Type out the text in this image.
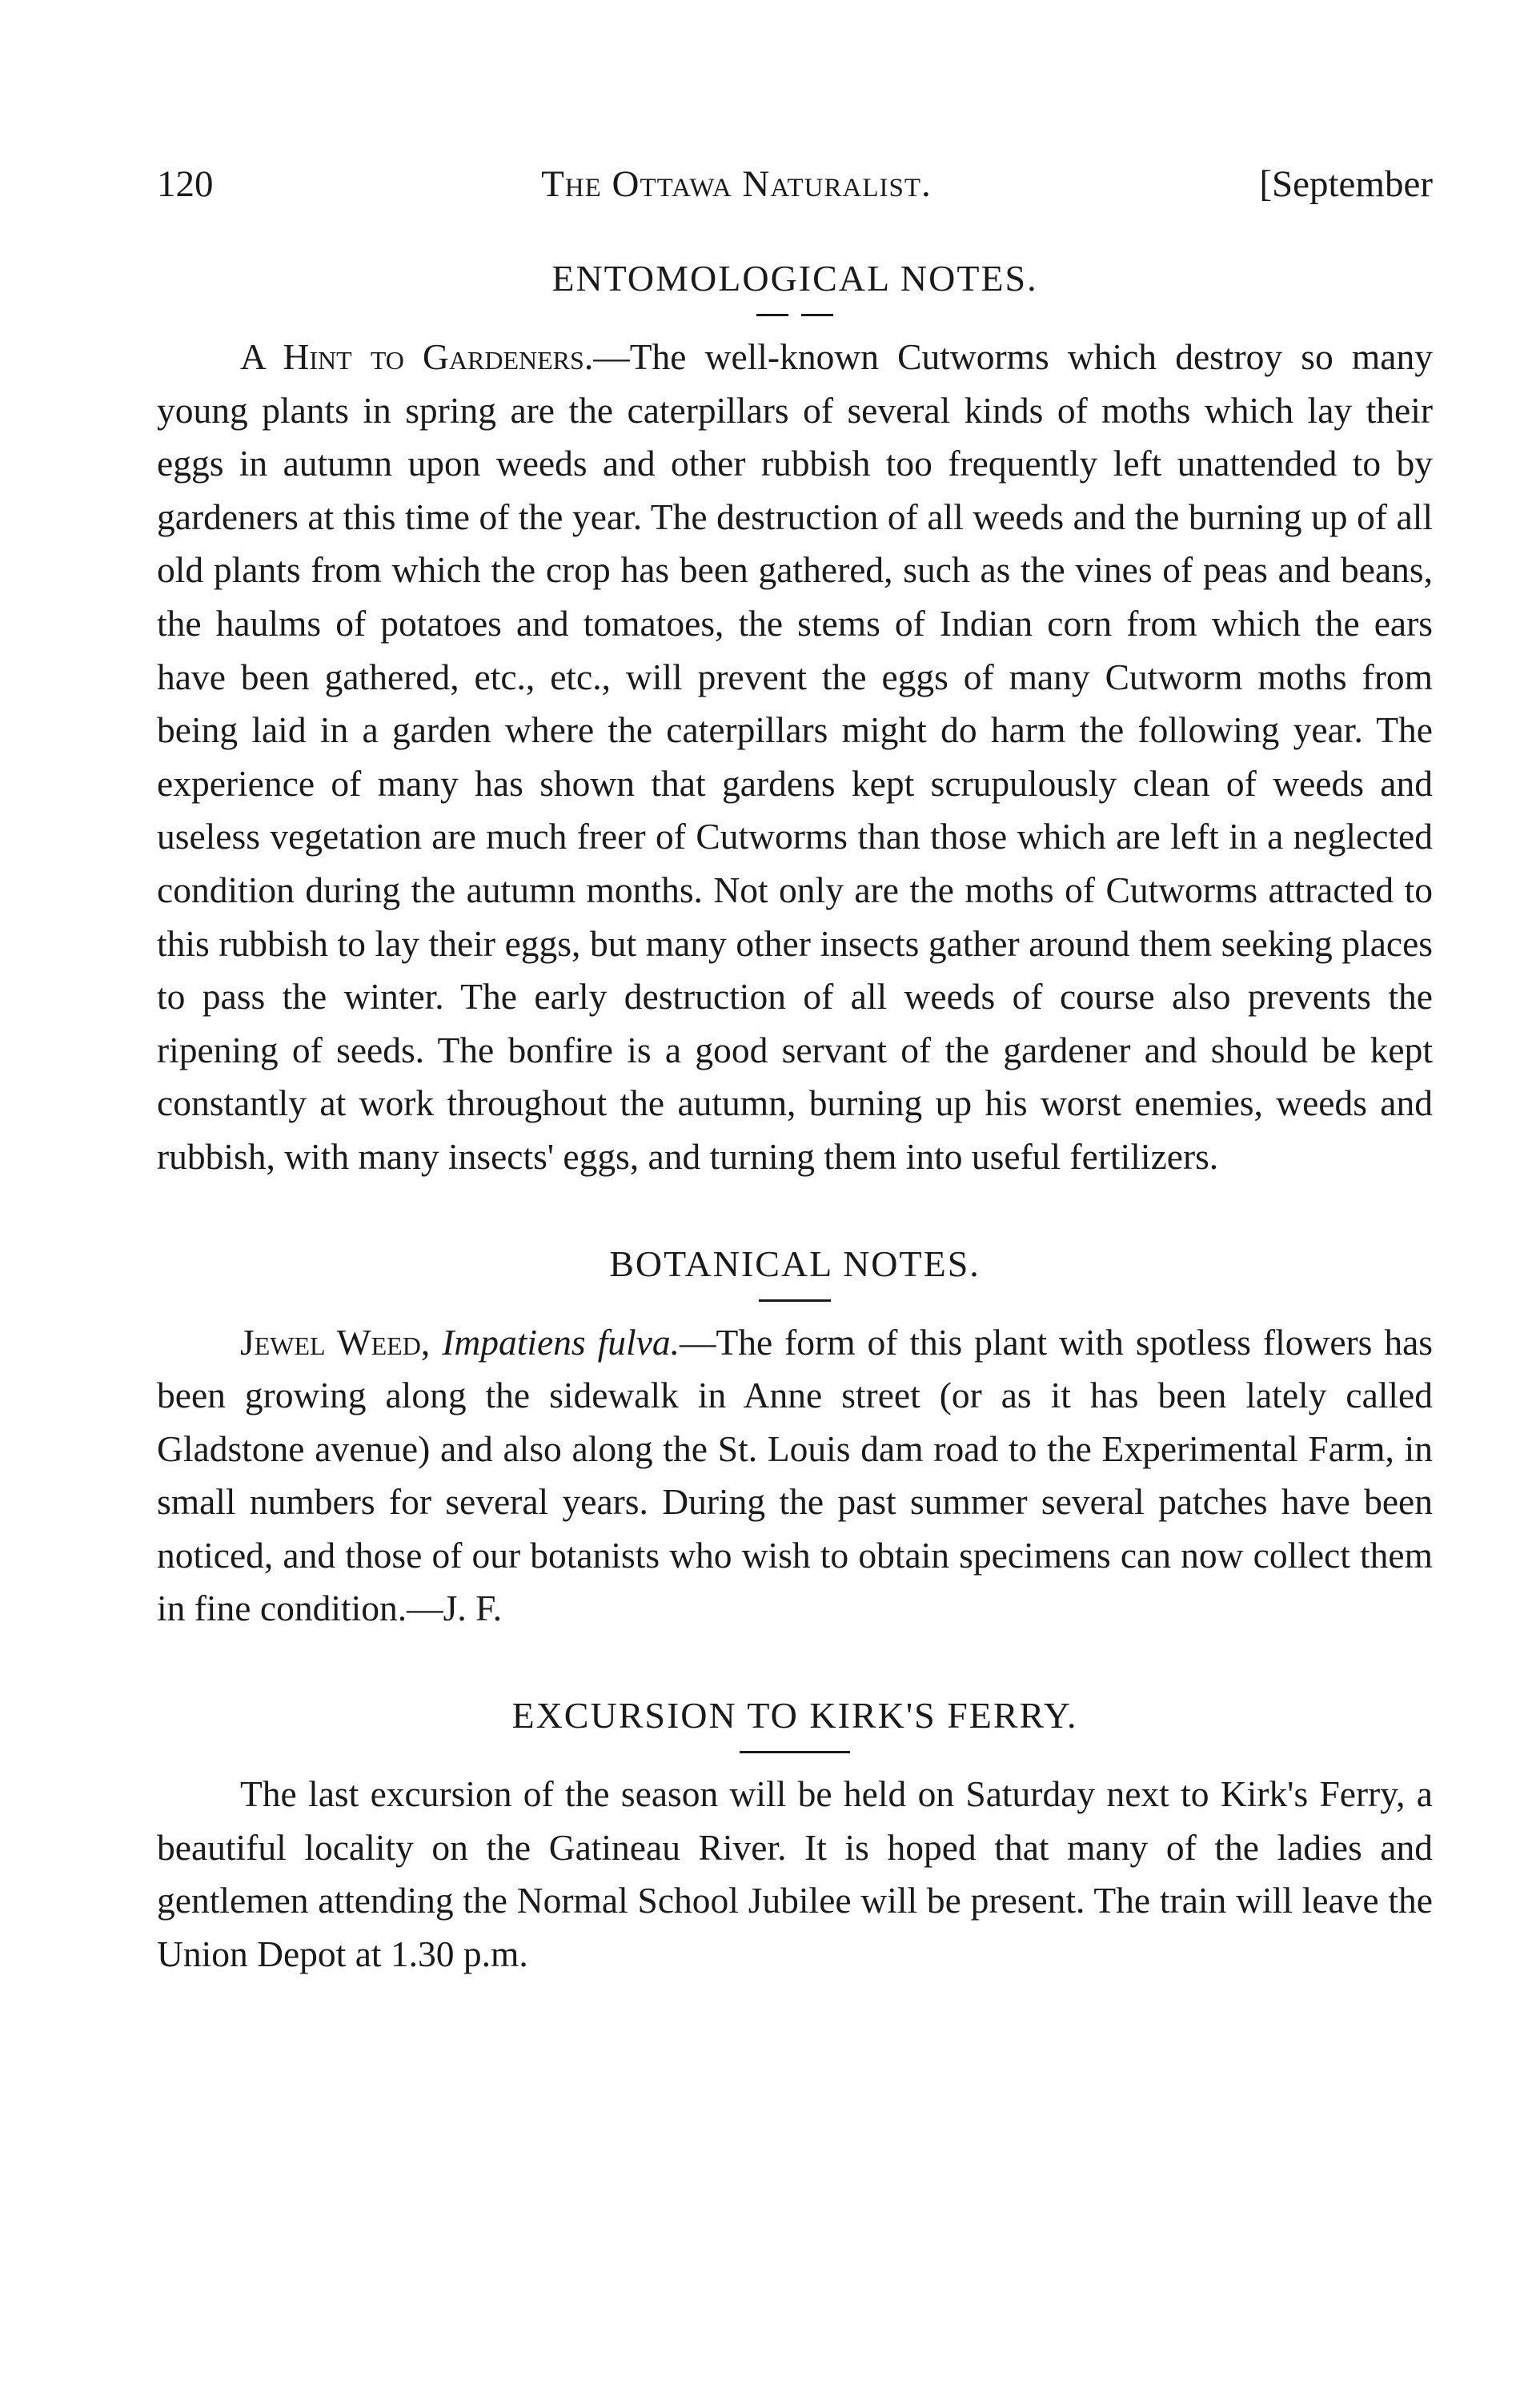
120	The Ottawa Naturalist.	[September
ENTOMOLOGICAL NOTES.

A Hint to Gardeners.—The well-known Cutworms which destroy so many young plants in spring are the caterpillars of several kinds of moths which lay their eggs in autumn upon weeds and other rubbish too frequently left unattended to by gardeners at this time of the year. The destruction of all weeds and the burning up of all old plants from which the crop has been gathered, such as the vines of peas and beans, the haulms of potatoes and tomatoes, the stems of Indian corn from which the ears have been gathered, etc., etc., will prevent the eggs of many Cutworm moths from being laid in a garden where the caterpillars might do harm the following year. The experience of many has shown that gardens kept scrupulously clean of weeds and useless vegetation are much freer of Cutworms than those which are left in a neglected condition during the autumn months. Not only are the moths of Cutworms attracted to this rubbish to lay their eggs, but many other insects gather around them seeking places to pass the winter. The early destruction of all weeds of course also prevents the ripening of seeds. The bonfire is a good servant of the gardener and should be kept constantly at work throughout the autumn, burning up his worst enemies, weeds and rubbish, with many insects' eggs, and turning them into useful fertilizers.

BOTANICAL NOTES.

Jewel Weed, Impatiens fulva.—The form of this plant with spotless flowers has been growing along the sidewalk in Anne street (or as it has been lately called Gladstone avenue) and also along the St. Louis dam road to the Experimental Farm, in small numbers for several years. During the past summer several patches have been noticed, and those of our botanists who wish to obtain specimens can now collect them in fine condition.—J. F.

EXCURSION TO KIRK'S FERRY.

The last excursion of the season will be held on Saturday next to Kirk's Ferry, a beautiful locality on the Gatineau River. It is hoped that many of the ladies and gentlemen attending the Normal School Jubilee will be present. The train will leave the Union Depot at 1.30 p.m.
